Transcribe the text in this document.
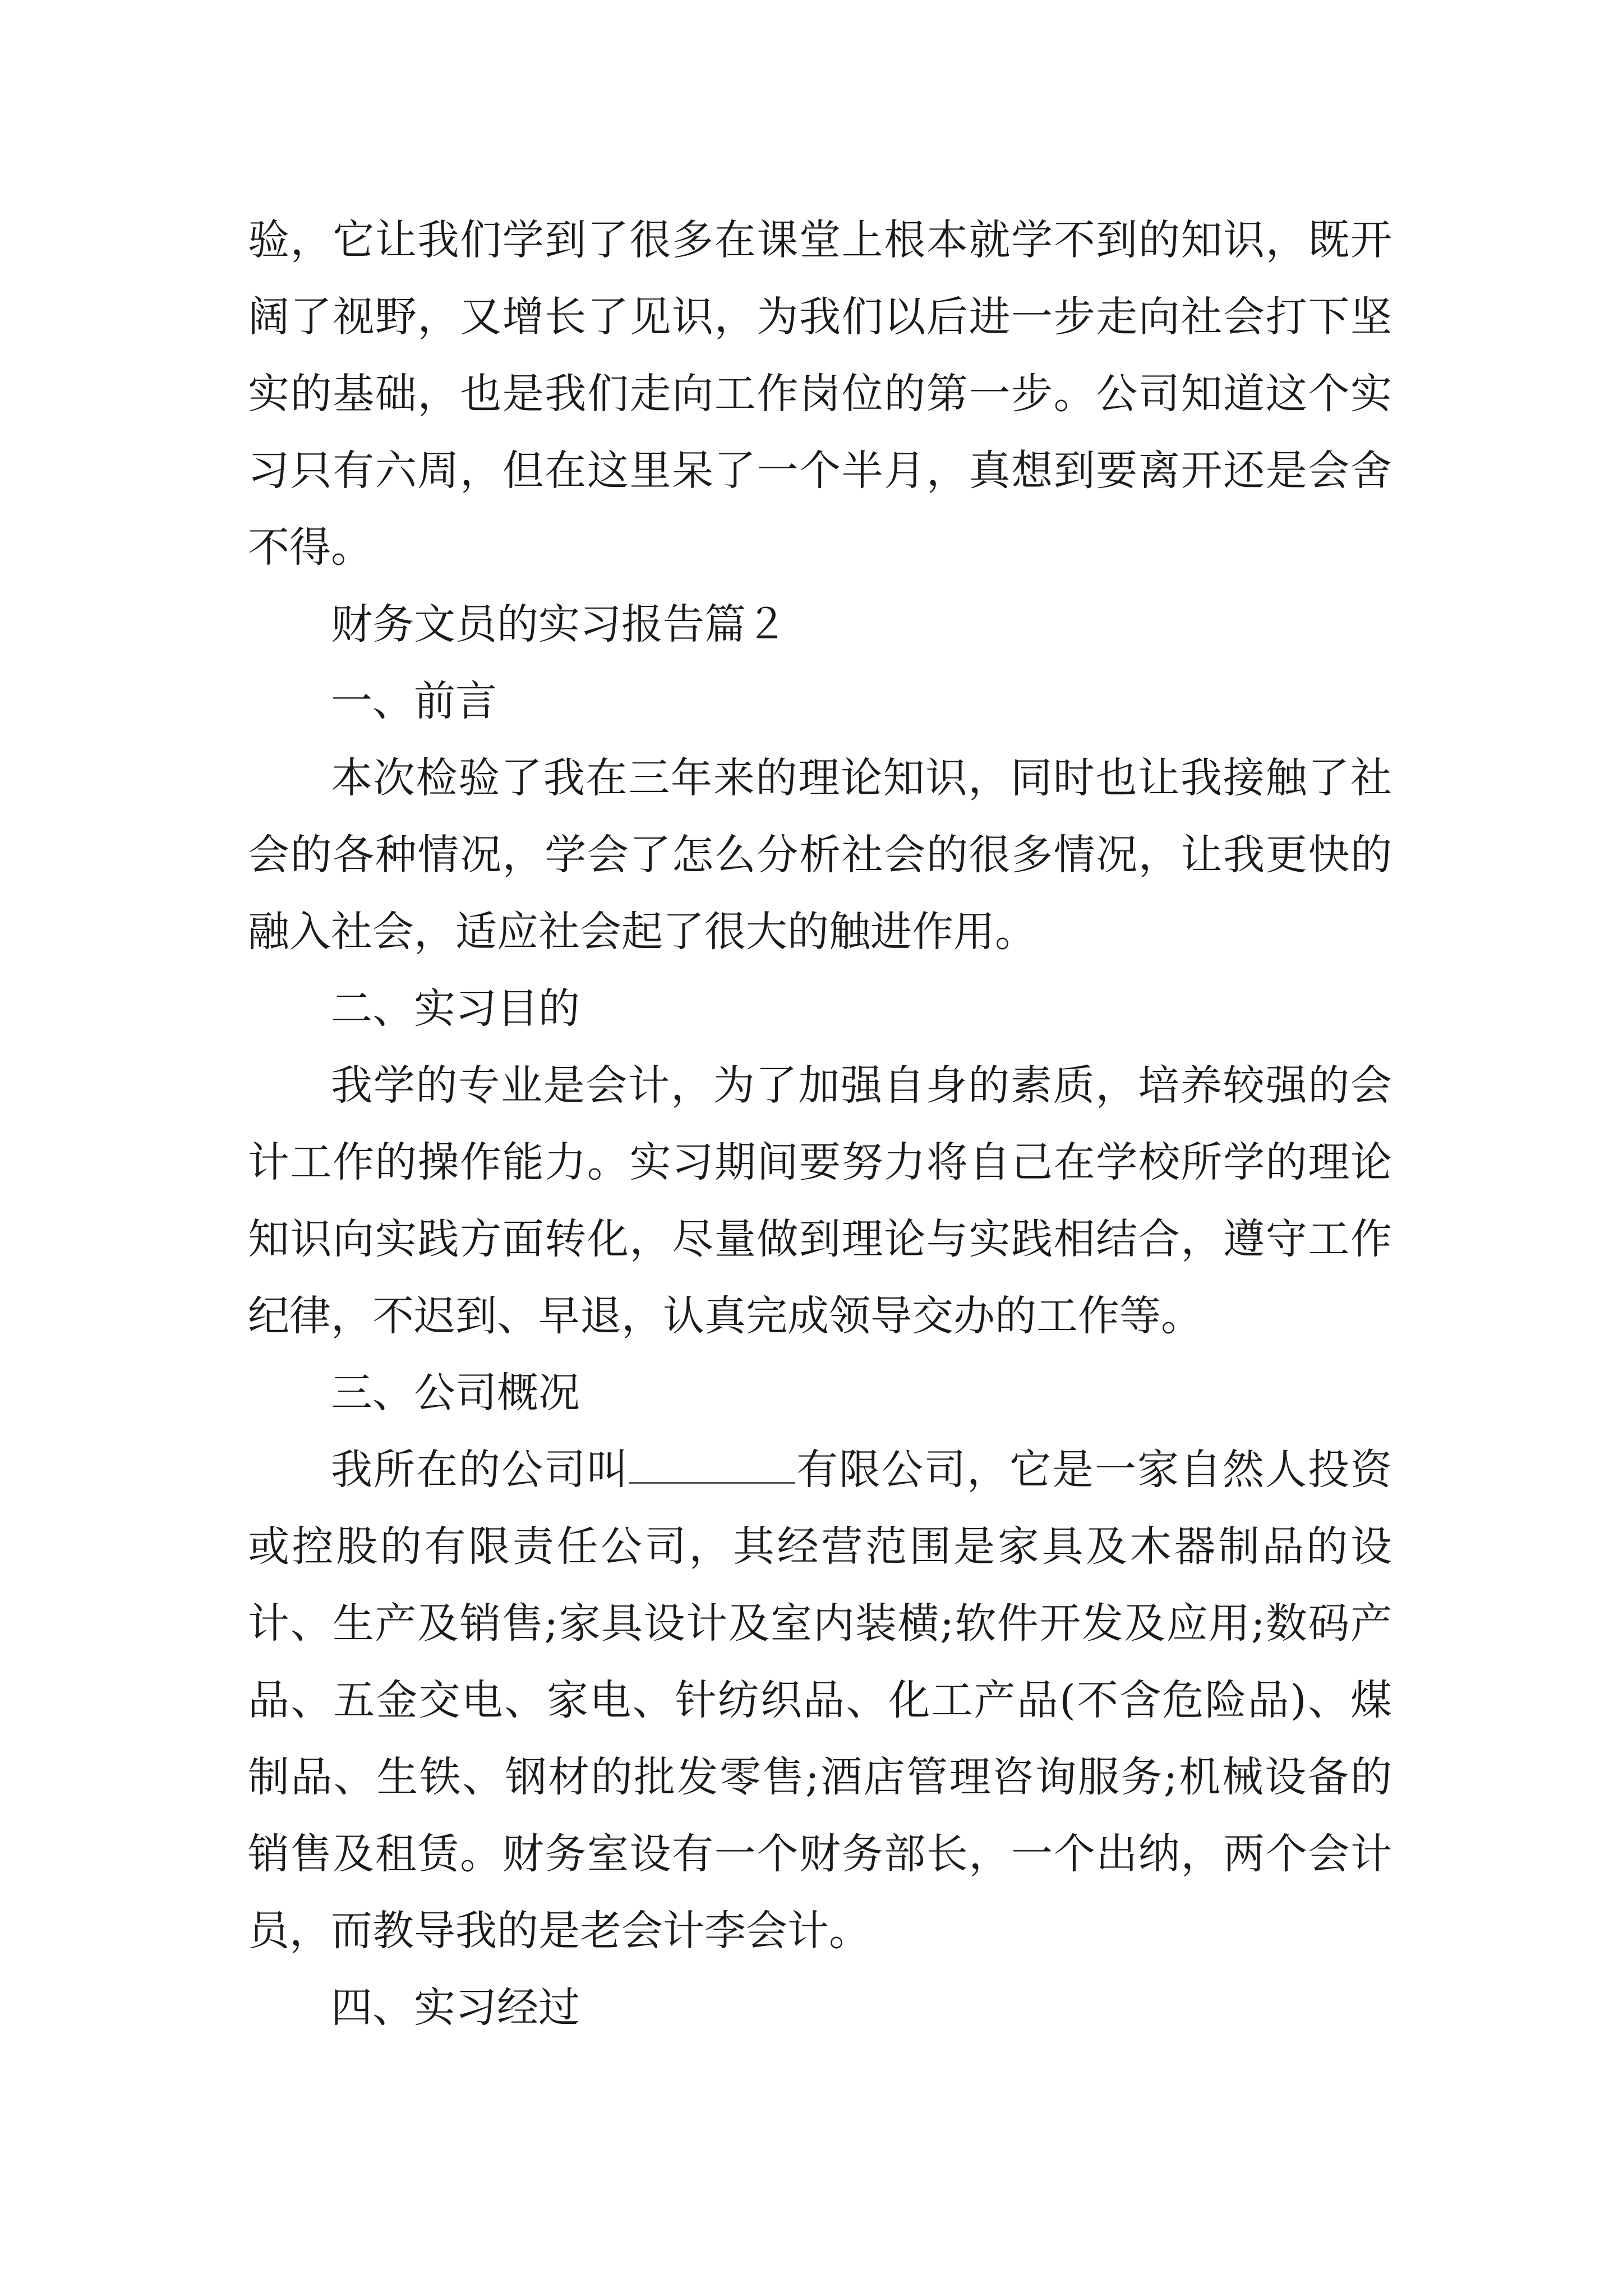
验，它让我们学到了很多在课堂上根本就学不到的知识，既开阔了视野，又增长了见识，为我们以后进一步走向社会打下坚实的基础，也是我们走向工作岗位的第一步。公司知道这个实习只有六周，但在这里呆了一个半月，真想到要离开还是会舍不得。

财务文员的实习报告篇２

一、前言

本次检验了我在三年来的理论知识，同时也让我接触了社会的各种情况，学会了怎么分析社会的很多情况，让我更快的融入社会，适应社会起了很大的触进作用。

二、实习目的

我学的专业是会计，为了加强自身的素质，培养较强的会计工作的操作能力。实习期间要努力将自己在学校所学的理论知识向实践方面转化，尽量做到理论与实践相结合，遵守工作纪律，不迟到、早退，认真完成领导交办的工作等。

三、公司概况

我所在的公司叫	有限公司，它是一家自然人投资或控股的有限责任公司，其经营范围是家具及木器制品的设计、生产及销售;家具设计及室内装横;软件开发及应用;数码产品、五金交电、家电、针纺织品、化工产品(不含危险品)、煤制品、生铁、钢材的批发零售;酒店管理咨询服务;机械设备的销售及租赁。财务室设有一个财务部长，一个出纳，两个会计员，而教导我的是老会计李会计。

四、实习经过
